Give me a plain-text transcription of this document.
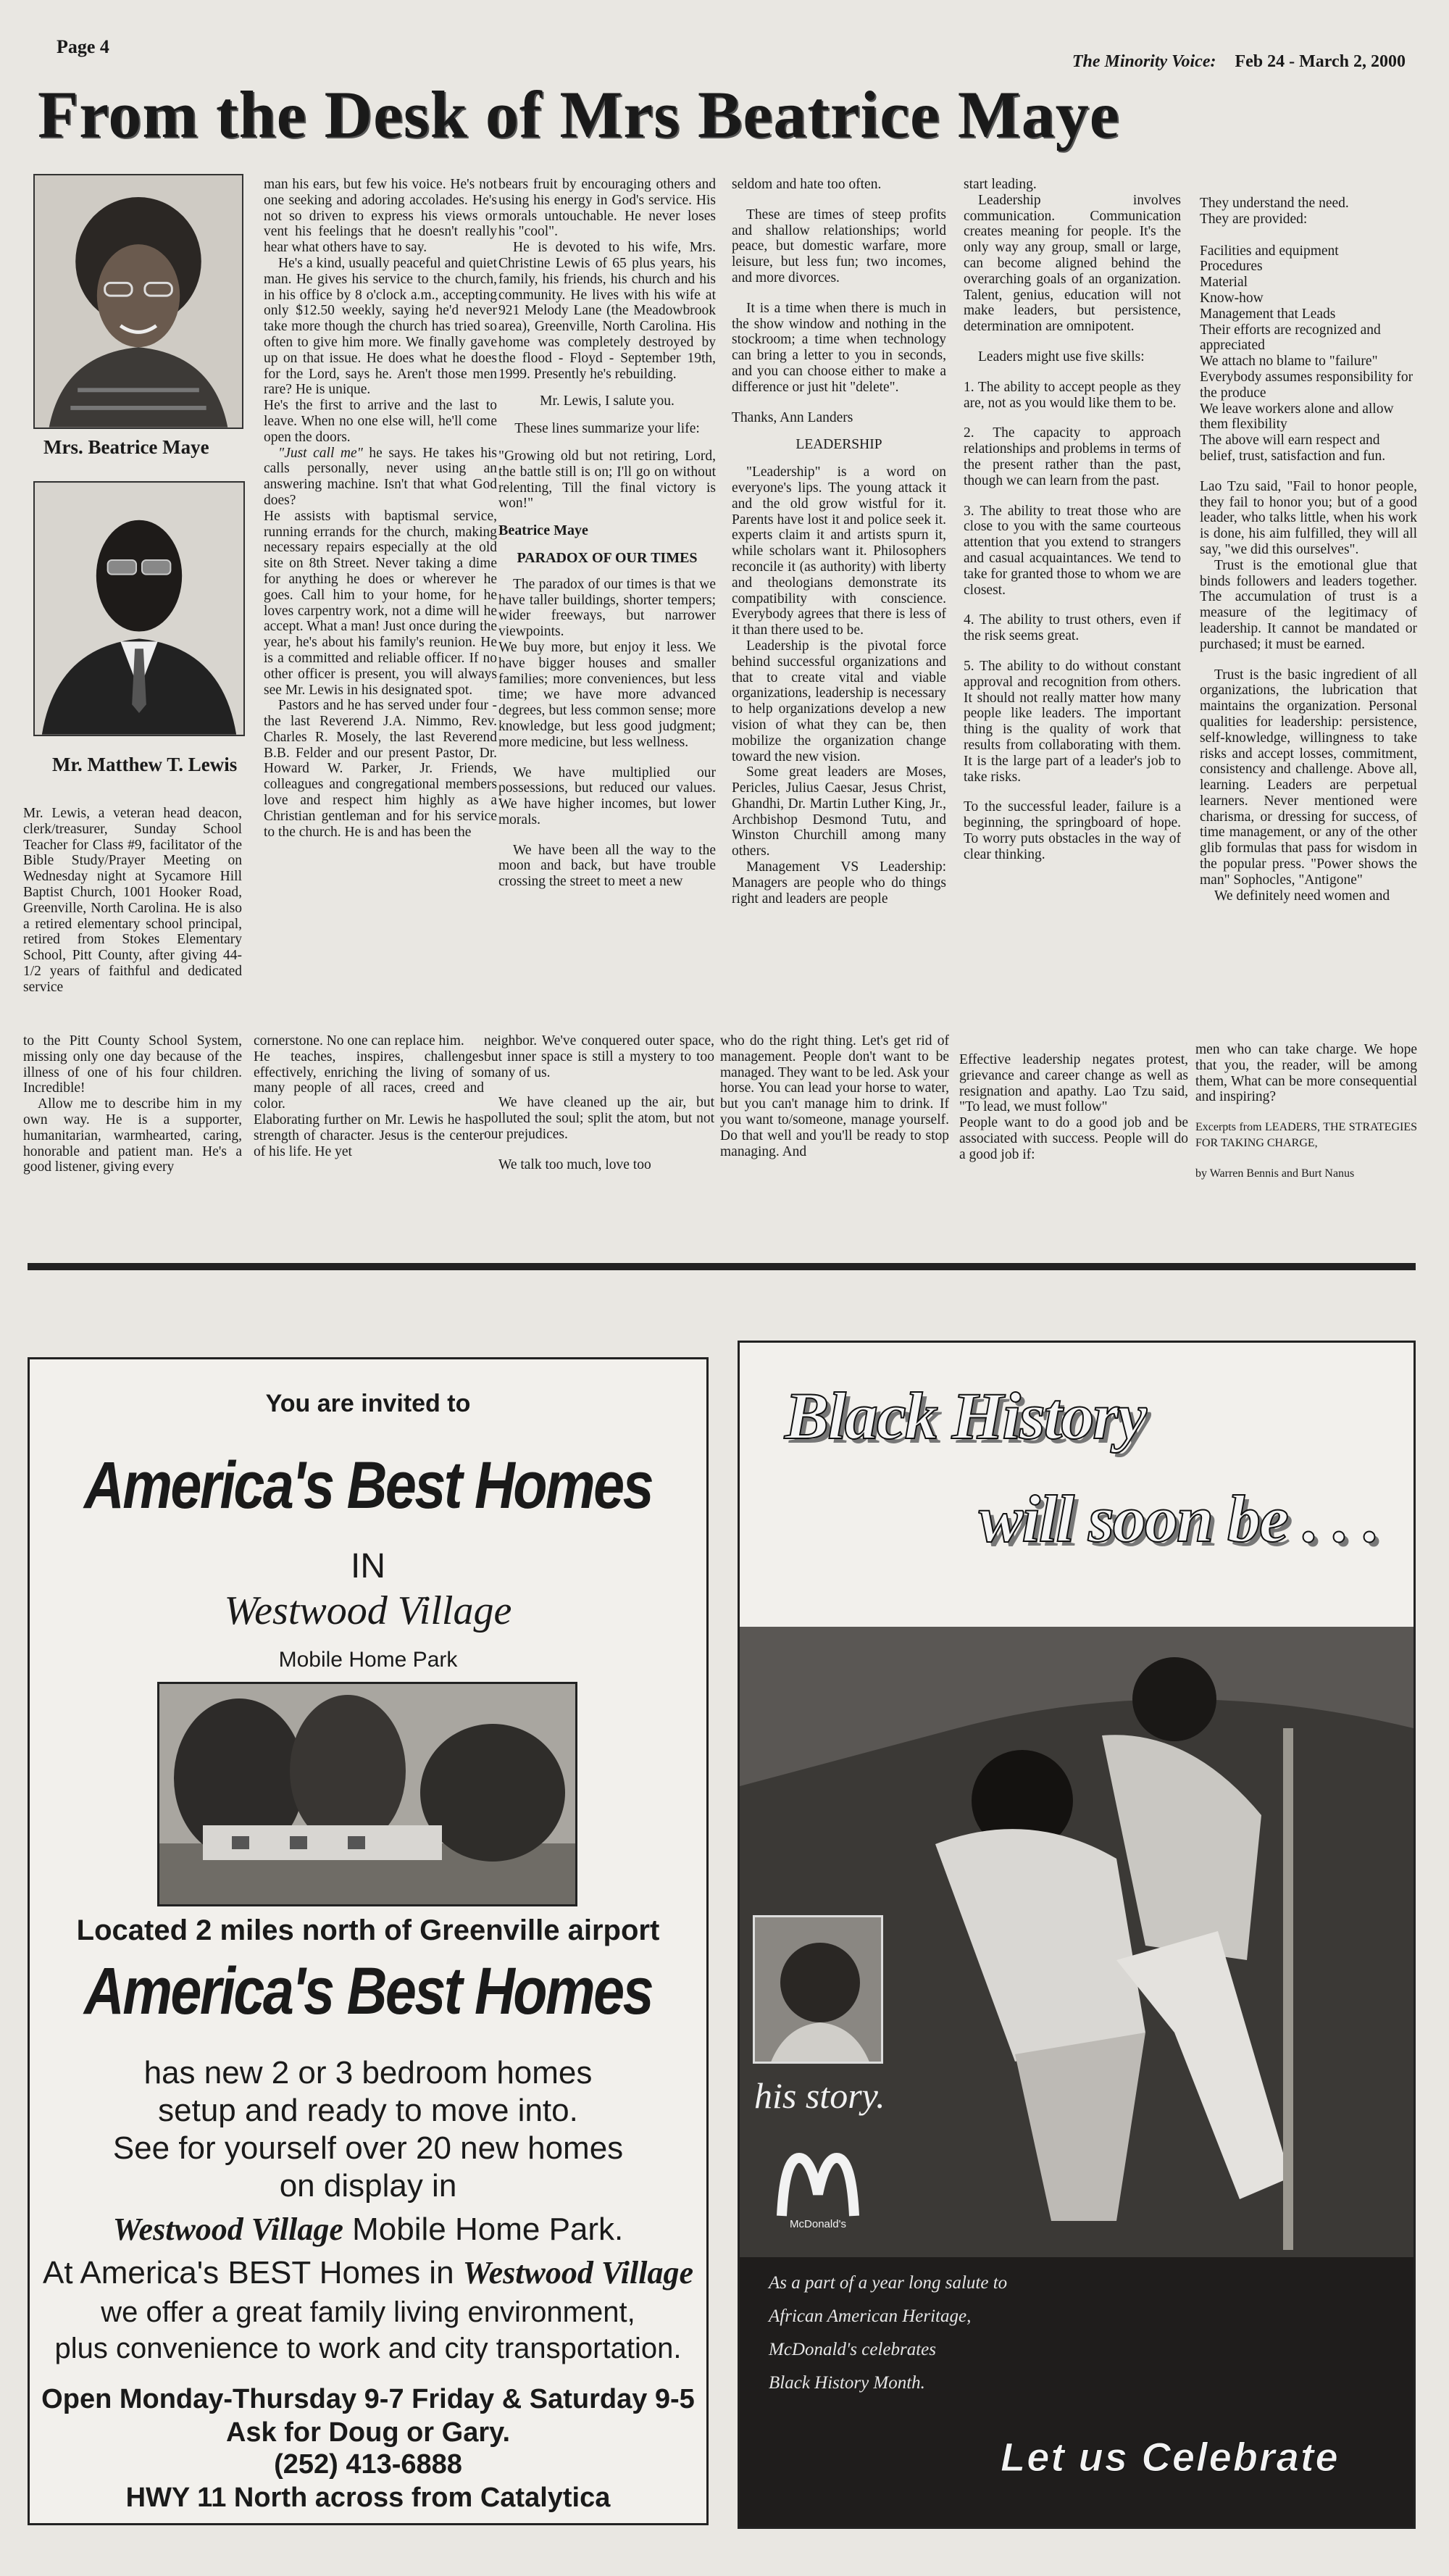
Page 4
The Minority Voice: Feb 24 - March 2, 2000
From the Desk of Mrs Beatrice Maye
Mrs. Beatrice Maye
Mr. Matthew T. Lewis

Mr. Lewis, a veteran head deacon, clerk/treasurer, Sunday School Teacher for Class #9, facilitator of the Bible Study/Prayer Meeting on Wednesday night at Sycamore Hill Baptist Church, 1001 Hooker Road, Greenville, North Carolina. He is also a retired elementary school principal, retired from Stokes Elementary School, Pitt County, after giving 44-1/2 years of faithful and dedicated service

to the Pitt County School System, missing only one day because of the illness of one of his four children. Incredible!

Allow me to describe him in my own way. He is a supporter, humanitarian, warmhearted, caring, honorable and patient man. He's a good listener, giving every

man his ears, but few his voice. He's not one seeking and adoring accolades. He's not so driven to express his views or vent his feelings that he doesn't really hear what others have to say.

He's a kind, usually peaceful and quiet man. He gives his service to the church, in his office by 8 o'clock a.m., accepting only $12.50 weekly, saying he'd never take more though the church has tried so often to give him more. We finally gave up on that issue. He does what he does for the Lord, says he. Aren't those men rare? He is unique.

He's the first to arrive and the last to leave. When no one else will, he'll come open the doors.

"Just call me" he says. He takes his calls personally, never using an answering machine. Isn't that what God does?

He assists with baptismal service, running errands for the church, making necessary repairs especially at the old site on 8th Street. Never taking a dime for anything he does or wherever he goes. Call him to your home, for he loves carpentry work, not a dime will he accept. What a man! Just once during the year, he's about his family's reunion. He is a committed and reliable officer. If no other officer is present, you will always see Mr. Lewis in his designated spot.

Pastors and he has served under four - the last Reverend J.A. Nimmo, Rev. Charles R. Mosely, the last Reverend B.B. Felder and our present Pastor, Dr. Howard W. Parker, Jr. Friends, colleagues and congregational members love and respect him highly as a Christian gentleman and for his service to the church. He is and has been the

cornerstone. No one can replace him.

He teaches, inspires, challenges effectively, enriching the living of so many people of all races, creed and color.

Elaborating further on Mr. Lewis he has strength of character. Jesus is the center of his life. He yet

bears fruit by encouraging others and using his energy in God's service. His morals untouchable. He never loses his "cool".

He is devoted to his wife, Mrs. Christine Lewis of 65 plus years, his family, his friends, his church and his community. He lives with his wife at 921 Melody Lane (the Meadowbrook area), Greenville, North Carolina. His home was completely destroyed by the flood - Floyd - September 19th, 1999. Presently he's rebuilding.

Mr. Lewis, I salute you.

These lines summarize your life:

"Growing old but not retiring, Lord, the battle still is on; I'll go on without relenting, Till the final victory is won!"

Beatrice Maye

PARADOX OF OUR TIMES

The paradox of our times is that we have taller buildings, shorter tempers; wider freeways, but narrower viewpoints.

We buy more, but enjoy it less. We have bigger houses and smaller families; more conveniences, but less time; we have more advanced degrees, but less common sense; more knowledge, but less good judgment; more medicine, but less wellness.

We have multiplied our possessions, but reduced our values. We have higher incomes, but lower morals.

We have been all the way to the moon and back, but have trouble crossing the street to meet a new

neighbor. We've conquered outer space, but inner space is still a mystery to too many of us.

We have cleaned up the air, but polluted the soul; split the atom, but not our prejudices.

We talk too much, love too

seldom and hate too often.

These are times of steep profits and shallow relationships; world peace, but domestic warfare, more leisure, but less fun; two incomes, and more divorces.

It is a time when there is much in the show window and nothing in the stockroom; a time when technology can bring a letter to you in seconds, and you can choose either to make a difference or just hit "delete".

Thanks, Ann Landers

LEADERSHIP

"Leadership" is a word on everyone's lips. The young attack it and the old grow wistful for it. Parents have lost it and police seek it. experts claim it and artists spurn it, while scholars want it. Philosophers reconcile it (as authority) with liberty and theologians demonstrate its compatibility with conscience. Everybody agrees that there is less of it than there used to be.

Leadership is the pivotal force behind successful organizations and that to create vital and viable organizations, leadership is necessary to help organizations develop a new vision of what they can be, then mobilize the organization change toward the new vision.

Some great leaders are Moses, Pericles, Julius Caesar, Jesus Christ, Ghandhi, Dr. Martin Luther King, Jr., Archbishop Desmond Tutu, and Winston Churchill among many others.

Management VS Leadership: Managers are people who do things right and leaders are people

who do the right thing. Let's get rid of management. People don't want to be managed. They want to be led. Ask your horse. You can lead your horse to water, but you can't manage him to drink. If you want to/someone, manage yourself. Do that well and you'll be ready to stop managing. And

start leading.

Leadership involves communication. Communication creates meaning for people. It's the only way any group, small or large, can become aligned behind the overarching goals of an organization. Talent, genius, education will not make leaders, but persistence, determination are omnipotent.

Leaders might use five skills:

1. The ability to accept people as they are, not as you would like them to be.

2. The capacity to approach relationships and problems in terms of the present rather than the past, though we can learn from the past.

3. The ability to treat those who are close to you with the same courteous attention that you extend to strangers and casual acquaintances. We tend to take for granted those to whom we are closest.

4. The ability to trust others, even if the risk seems great.

5. The ability to do without constant approval and recognition from others. It should not really matter how many people like leaders. The important thing is the quality of work that results from collaborating with them. It is the large part of a leader's job to take risks.

To the successful leader, failure is a beginning, the springboard of hope. To worry puts obstacles in the way of clear thinking.

Effective leadership negates protest, grievance and career change as well as resignation and apathy. Lao Tzu said, "To lead, we must follow"

People want to do a good job and be associated with success. People will do a good job if:

They understand the need.

They are provided:

Facilities and equipment

Procedures

Material

Know-how

Management that Leads

Their efforts are recognized and appreciated

We attach no blame to "failure"

Everybody assumes responsibility for the produce

We leave workers alone and allow them flexibility

The above will earn respect and belief, trust, satisfaction and fun.

Lao Tzu said, "Fail to honor people, they fail to honor you; but of a good leader, who talks little, when his work is done, his aim fulfilled, they will all say, "we did this ourselves".

Trust is the emotional glue that binds followers and leaders together. The accumulation of trust is a measure of the legitimacy of leadership. It cannot be mandated or purchased; it must be earned.

Trust is the basic ingredient of all organizations, the lubrication that maintains the organization. Personal qualities for leadership: persistence, self-knowledge, willingness to take risks and accept losses, commitment, consistency and challenge. Above all, learning. Leaders are perpetual learners. Never mentioned were charisma, or dressing for success, of time management, or any of the other glib formulas that pass for wisdom in the popular press. "Power shows the man" Sophocles, "Antigone"

We definitely need women and

men who can take charge. We hope that you, the reader, will be among them, What can be more consequential and inspiring?

Excerpts from LEADERS, THE STRATEGIES FOR TAKING CHARGE,

by Warren Bennis and Burt Nanus

You are invited to
America's Best Homes
IN
Westwood Village
Mobile Home Park
Located 2 miles north of Greenville airport
America's Best Homes
has new 2 or 3 bedroom homes
setup and ready to move into.
See for yourself over 20 new homes
on display in
Westwood Village Mobile Home Park.
At America's BEST Homes in Westwood Village
we offer a great family living environment,
plus convenience to work and city transportation.
Open Monday-Thursday 9-7 Friday & Saturday 9-5
Ask for Doug or Gary.
(252) 413-6888
HWY 11 North across from Catalytica
Black History
will soon be . . .
his story.
McDonald's
As a part of a year long salute to
African American Heritage,
McDonald's celebrates
Black History Month.
Let us Celebrate
